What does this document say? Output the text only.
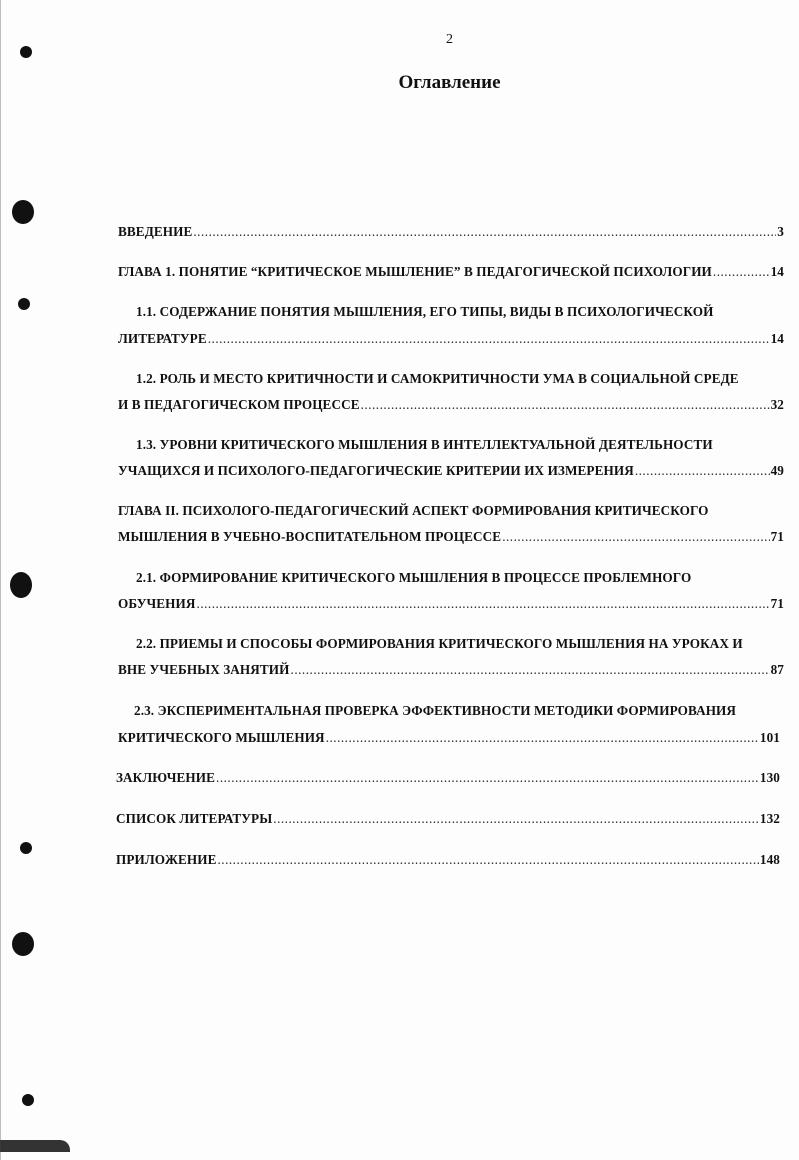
2
Оглавление
ВВЕДЕНИЕ .....	3
ГЛАВА 1. ПОНЯТИЕ “КРИТИЧЕСКОЕ МЫШЛЕНИЕ” В ПЕДАГОГИЧЕСКОЙ ПСИХОЛОГИИ .....	14
1.1. СОДЕРЖАНИЕ ПОНЯТИЯ МЫШЛЕНИЯ, ЕГО ТИПЫ, ВИДЫ В ПСИХОЛОГИЧЕСКОЙ
ЛИТЕРАТУРЕ .....	14
1.2. РОЛЬ И МЕСТО КРИТИЧНОСТИ И САМОКРИТИЧНОСТИ УМА В СОЦИАЛЬНОЙ СРЕДЕ
И В ПЕДАГОГИЧЕСКОМ ПРОЦЕССЕ .....	32
1.3. УРОВНИ КРИТИЧЕСКОГО МЫШЛЕНИЯ В ИНТЕЛЛЕКТУАЛЬНОЙ ДЕЯТЕЛЬНОСТИ
УЧАЩИХСЯ И ПСИХОЛОГО-ПЕДАГОГИЧЕСКИЕ КРИТЕРИИ ИХ ИЗМЕРЕНИЯ .....	49
ГЛАВА II. ПСИХОЛОГО-ПЕДАГОГИЧЕСКИЙ АСПЕКТ ФОРМИРОВАНИЯ КРИТИЧЕСКОГО
МЫШЛЕНИЯ В УЧЕБНО-ВОСПИТАТЕЛЬНОМ ПРОЦЕССЕ .....	71
2.1. ФОРМИРОВАНИЕ КРИТИЧЕСКОГО МЫШЛЕНИЯ В ПРОЦЕССЕ ПРОБЛЕМНОГО
ОБУЧЕНИЯ .....	71
2.2. ПРИЕМЫ И СПОСОБЫ ФОРМИРОВАНИЯ КРИТИЧЕСКОГО МЫШЛЕНИЯ НА УРОКАХ И
ВНЕ УЧЕБНЫХ ЗАНЯТИЙ .....	87
2.3. ЭКСПЕРИМЕНТАЛЬНАЯ ПРОВЕРКА ЭФФЕКТИВНОСТИ МЕТОДИКИ ФОРМИРОВАНИЯ
КРИТИЧЕСКОГО МЫШЛЕНИЯ .....	101
ЗАКЛЮЧЕНИЕ .....	130
СПИСОК ЛИТЕРАТУРЫ .....	132
ПРИЛОЖЕНИЕ .....	148
